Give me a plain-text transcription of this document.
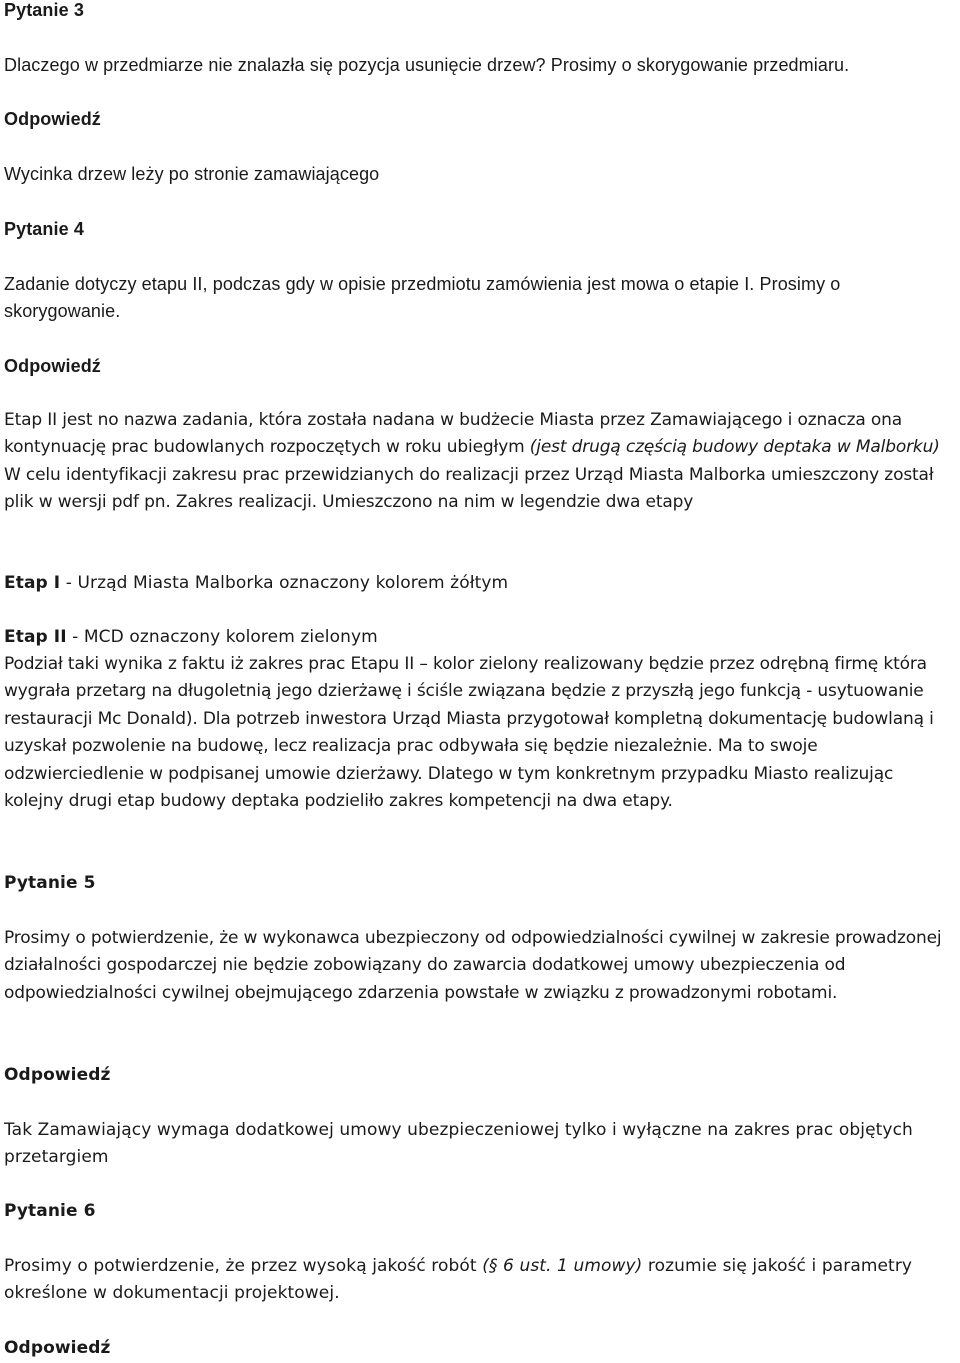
Pytanie 3

Dlaczego w przedmiarze nie znalazła się pozycja usunięcie drzew? Prosimy o skorygowanie przedmiaru.

Odpowiedź

Wycinka drzew leży po stronie zamawiającego

Pytanie 4

Zadanie dotyczy etapu II, podczas gdy w opisie przedmiotu zamówienia jest mowa o etapie I. Prosimy o skorygowanie.

Odpowiedź

Etap II jest no nazwa zadania, która została nadana w budżecie Miasta przez Zamawiającego i oznacza ona kontynuację prac budowlanych rozpoczętych w roku ubiegłym (jest drugą częścią budowy deptaka w Malborku) W celu identyfikacji zakresu prac przewidzianych do realizacji przez Urząd Miasta Malborka umieszczony został plik w wersji pdf pn. Zakres realizacji. Umieszczono na nim w legendzie dwa etapy

Etap I - Urząd Miasta Malborka oznaczony kolorem żółtym

Etap II - MCD oznaczony kolorem zielonym

Podział taki wynika z faktu iż zakres prac Etapu II – kolor zielony realizowany będzie przez odrębną firmę która wygrała przetarg na długoletnią jego dzierżawę i ściśle związana będzie z przyszłą jego funkcją - usytuowanie restauracji Mc Donald). Dla potrzeb inwestora Urząd Miasta przygotował kompletną dokumentację budowlaną i uzyskał pozwolenie na budowę, lecz realizacja prac odbywała się będzie niezależnie. Ma to swoje odzwierciedlenie w podpisanej umowie dzierżawy. Dlatego w tym konkretnym przypadku Miasto realizując kolejny drugi etap budowy deptaka podzieliło zakres kompetencji na dwa etapy.

Pytanie 5

Prosimy o potwierdzenie, że w wykonawca ubezpieczony od odpowiedzialności cywilnej w zakresie prowadzonej działalności gospodarczej nie będzie zobowiązany do zawarcia dodatkowej umowy ubezpieczenia od odpowiedzialności cywilnej obejmującego zdarzenia powstałe w związku z prowadzonymi robotami.

Odpowiedź

Tak Zamawiający wymaga dodatkowej umowy ubezpieczeniowej tylko i wyłączne na zakres prac objętych przetargiem

Pytanie 6

Prosimy o potwierdzenie, że przez wysoką jakość robót (§ 6 ust. 1 umowy) rozumie się jakość i parametry określone w dokumentacji projektowej.

Odpowiedź
